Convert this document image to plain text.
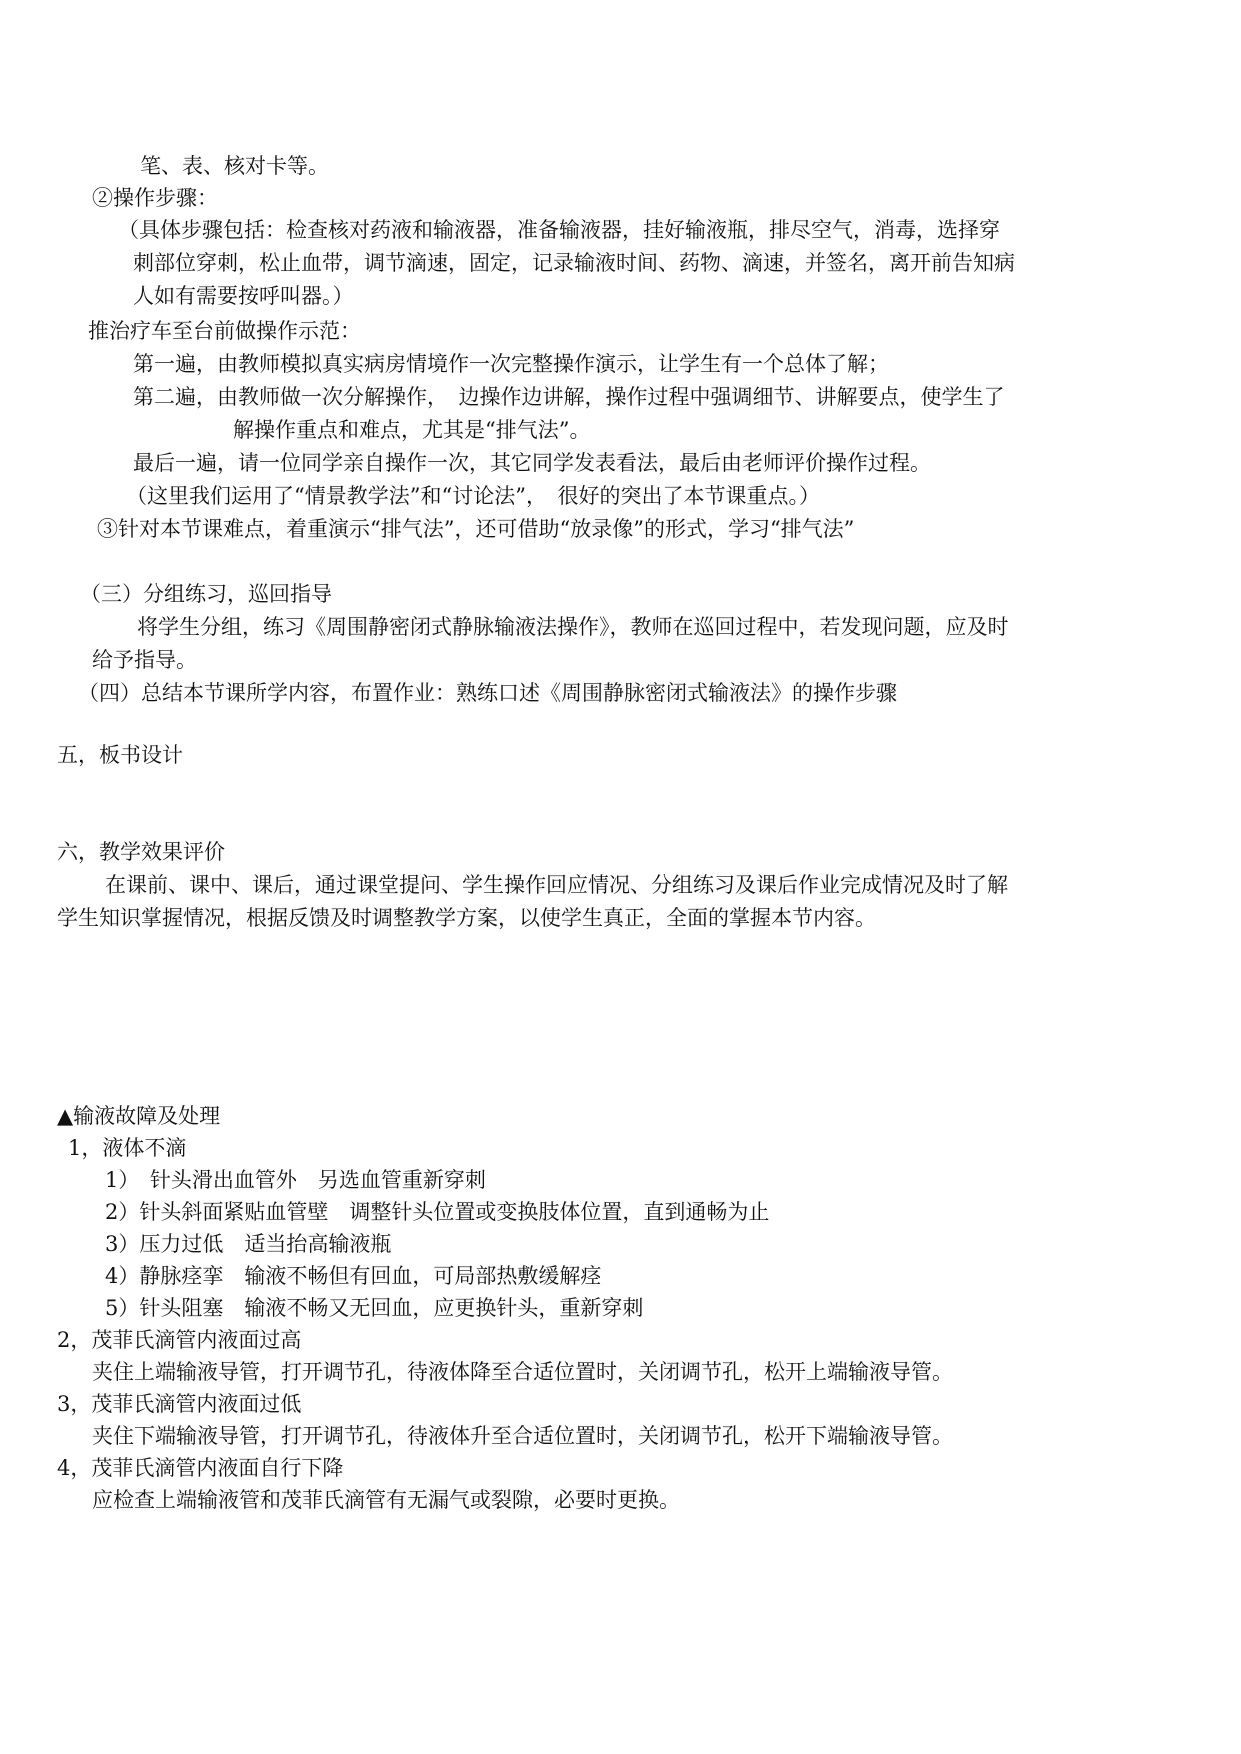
笔、表、核对卡等。
②操作步骤：
（具体步骤包括：检查核对药液和输液器，准备输液器，挂好输液瓶，排尽空气，消毒，选择穿
刺部位穿刺，松止血带，调节滴速，固定，记录输液时间、药物、滴速，并签名，离开前告知病
人如有需要按呼叫器。）
推治疗车至台前做操作示范：
第一遍，由教师模拟真实病房情境作一次完整操作演示，让学生有一个总体了解；
第二遍，由教师做一次分解操作，　边操作边讲解，操作过程中强调细节、讲解要点，使学生了
解操作重点和难点，尤其是“排气法”。
最后一遍，请一位同学亲自操作一次，其它同学发表看法，最后由老师评价操作过程。
（这里我们运用了“情景教学法”和“讨论法”，　很好的突出了本节课重点。）
③针对本节课难点，着重演示“排气法”，还可借助“放录像”的形式，学习“排气法”
（三）分组练习，巡回指导
将学生分组，练习《周围静密闭式静脉输液法操作》，教师在巡回过程中，若发现问题，应及时
给予指导。
（四）总结本节课所学内容，布置作业：熟练口述《周围静脉密闭式输液法》的操作步骤
五，板书设计
六，教学效果评价
在课前、课中、课后，通过课堂提问、学生操作回应情况、分组练习及课后作业完成情况及时了解
学生知识掌握情况，根据反馈及时调整教学方案，以使学生真正，全面的掌握本节内容。
▲输液故障及处理
1，液体不滴
1）　针头滑出血管外　另选血管重新穿刺
2）针头斜面紧贴血管壁　调整针头位置或变换肢体位置，直到通畅为止
3）压力过低　适当抬高输液瓶
4）静脉痉挛　输液不畅但有回血，可局部热敷缓解痉
5）针头阻塞　输液不畅又无回血，应更换针头，重新穿刺
2，茂菲氏滴管内液面过高
夹住上端输液导管，打开调节孔，待液体降至合适位置时，关闭调节孔，松开上端输液导管。
3，茂菲氏滴管内液面过低
夹住下端输液导管，打开调节孔，待液体升至合适位置时，关闭调节孔，松开下端输液导管。
4，茂菲氏滴管内液面自行下降
应检查上端输液管和茂菲氏滴管有无漏气或裂隙，必要时更换。
